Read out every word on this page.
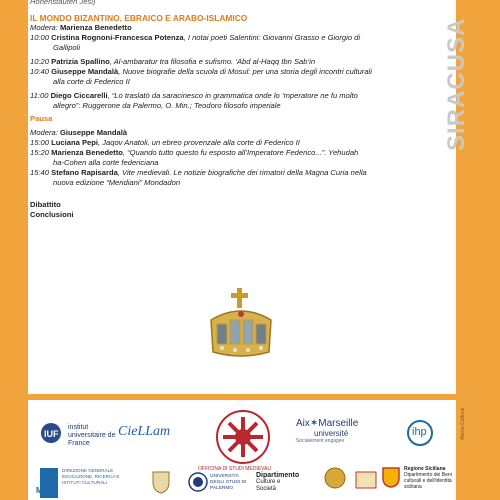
SIRACUSA
Hohenstaufen Jesi)
IL MONDO BIZANTINO, EBRAICO E ARABO-ISLAMICO
Modera: Marienza Benedetto
10:00 Cristina Rognoni-Francesca Potenza, I notai poeti Salentini: Giovanni Grasso e Giorgio di
Gallipoli
10:20 Patrizia Spallino, Al-ambaratur tra filosofia e sufismo. ‘Abd al-Haqq Ibn Sab’in
10:40 Giuseppe Mandalà, Nuove biografie della scuola di Mosul: per una storia degli incontri culturali
alla corte di Federico II
11:00 Diego Ciccarelli, “Lo traslatò da saracinesco in grammatica onde lo ’mperatore ne fu molto
allegro”: Ruggerone da Palermo, O. Min.; Teodoro filosofo imperiale
Pausa
Modera: Giuseppe Mandalà
15:00 Luciana Pepi, Jaqov Anatoli, un ebreo provenzale alla corte di Federico II
15:20 Marienza Benedetto, “Quando tutto questo fu esposto all’Imperatore Federico...”. Yehudah
ha-Cohen alla corte federiciana
15:40 Stefano Rapisarda, Vite medievali. Le notizie biografiche dei rimatori della Magna Curia nella
nuova edizione “Meridiani” Mondadori
Dibattito
Conclusioni
IUF
institut universitaire de France
CieLLam
OFFICINA DI STUDI MEDIEVALI
Aix✶Marseille
université
Socialement engagée
ihp
MiC
DIREZIONE GENERALE EDUCAZIONE, RICERCA E ISTITUTI CULTURALI
UNIVERSITÀ DEGLI STUDI DI PALERMO
Dipartimento
Culture e Società
Regione Siciliana
Dipartimento dei Beni culturali e dell'identità siciliana
Alexia Cottone
